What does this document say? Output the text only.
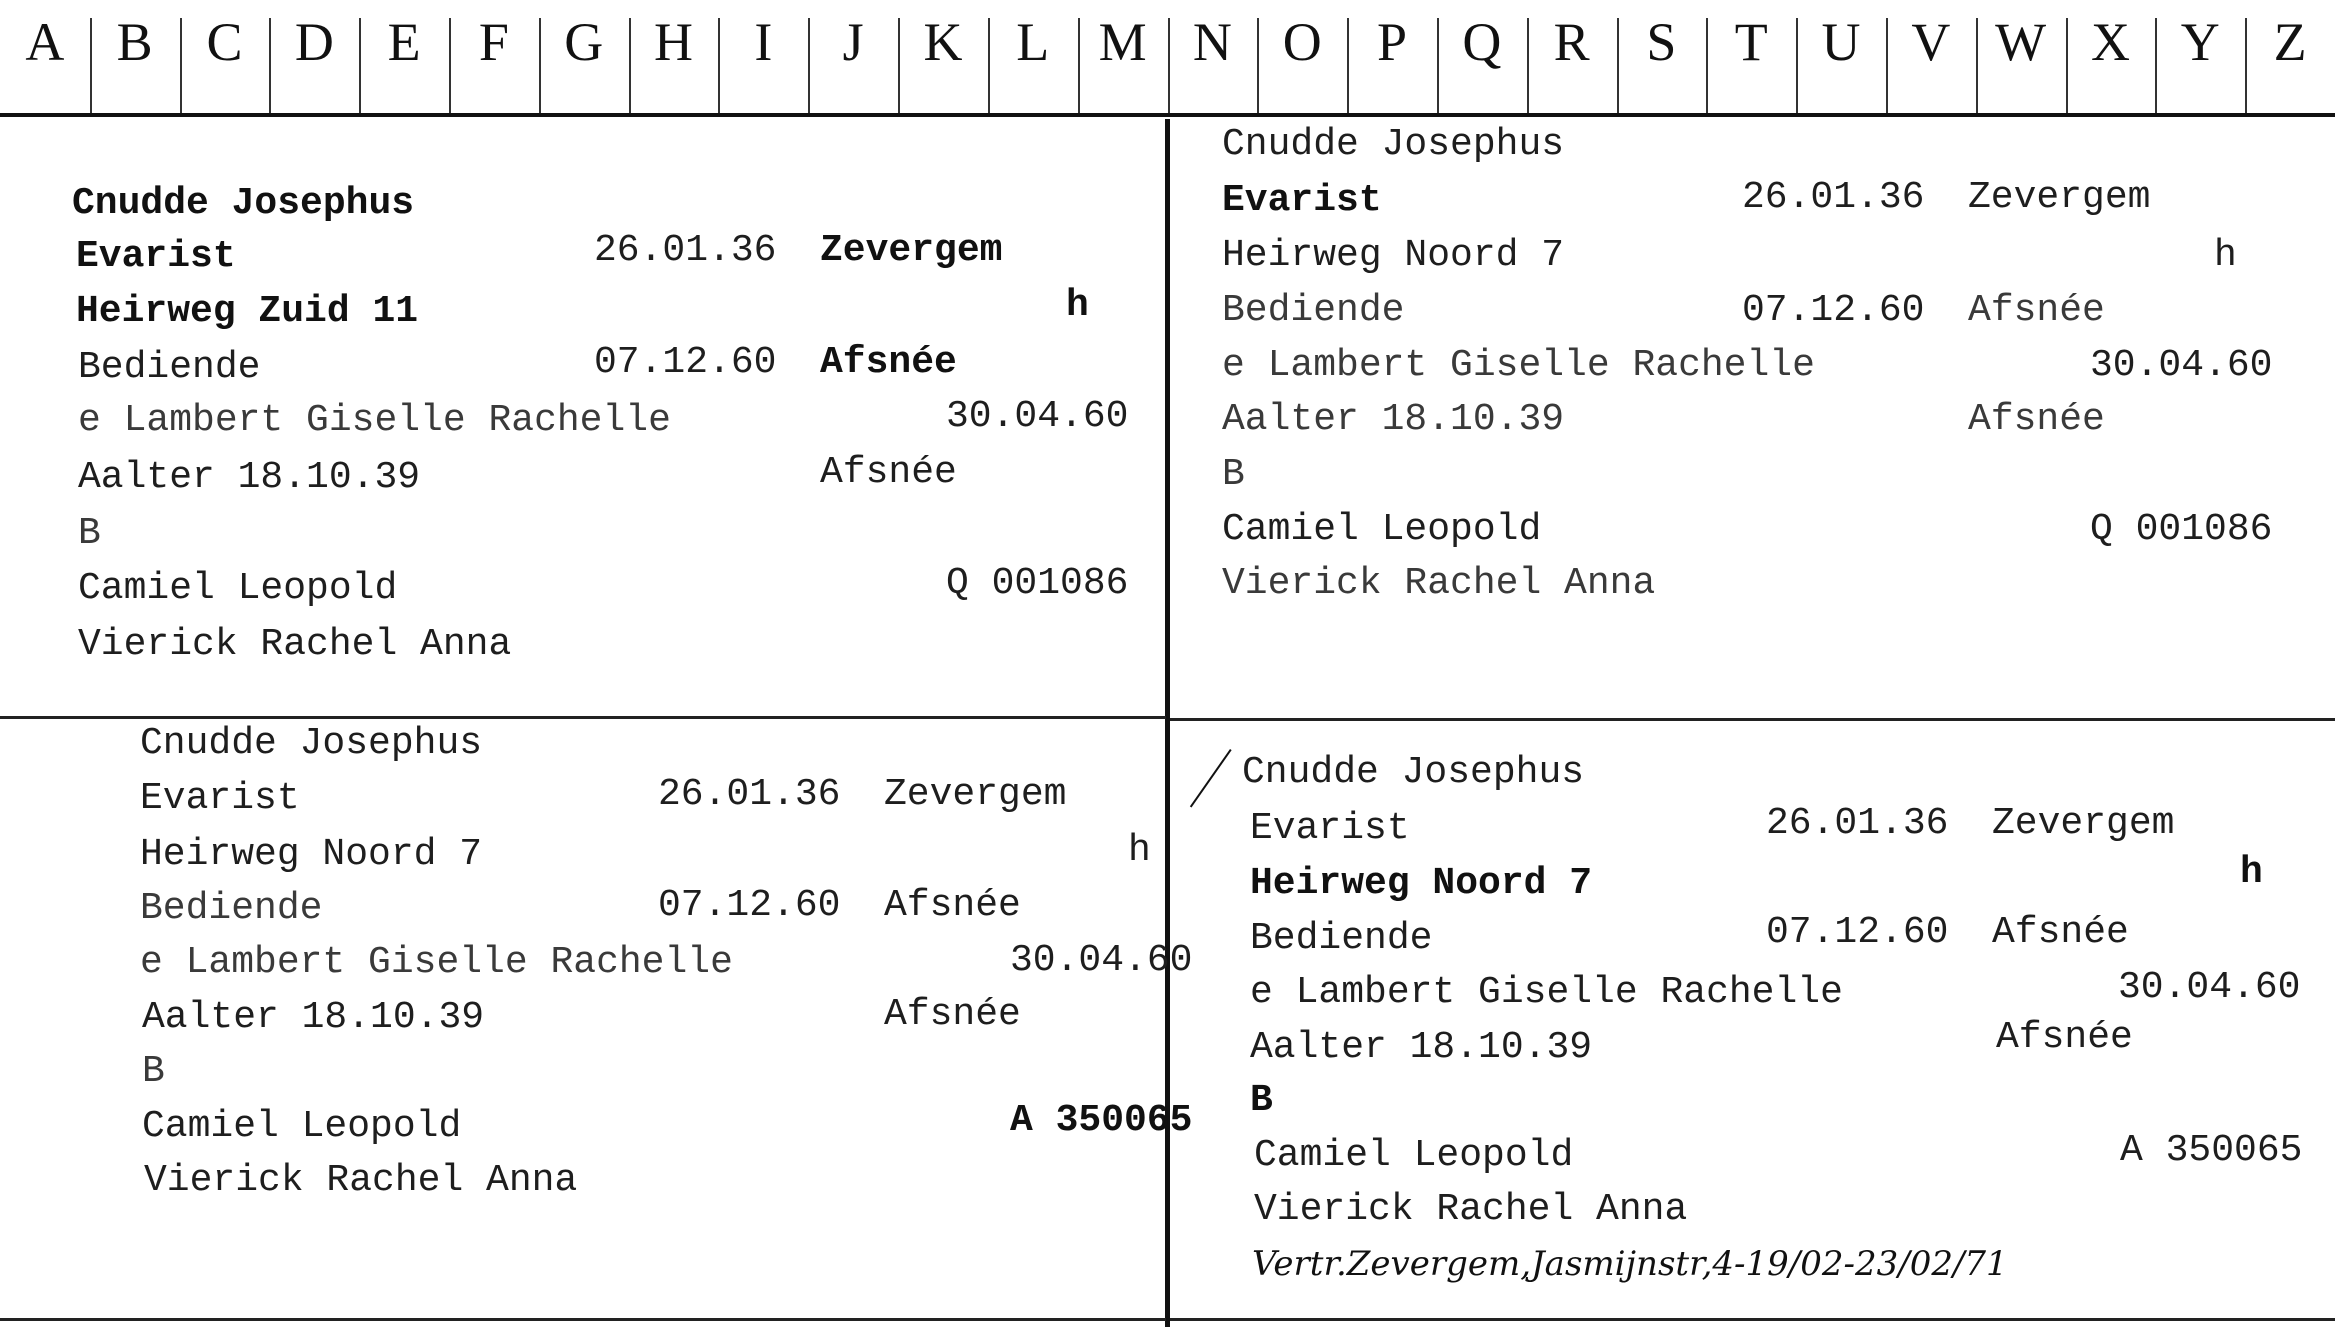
A B C D E	F	G H	I	J	K L M N O	P	Q R	S	T U V W X Y Z
Cnudde Josephus
Evarist	26.01.36 Zevergem
Heirweg Zuid 11	h
Bediende	07.12.60 Afsnée
e Lambert Giselle Rachelle	30.04.60
Aalter 18.10.39	Afsnée
B
Camiel Leopold	Q 001086
Vierick Rachel Anna
Cnudde Josephus
Evarist	26.01.36 Zevergem
Heirweg Noord 7	h
Bediende	07.12.60 Afsnée
e Lambert Giselle Rachelle	30.04.60
Aalter 18.10.39	Afsnée
B
Camiel Leopold	Q 001086
Vierick Rachel Anna
Cnudde Josephus
Evarist	26.01.36 Zevergem
Heirweg Noord 7	h
Bediende	07.12.60 Afsnée
e Lambert Giselle Rachelle	30.04.60
Aalter 18.10.39	Afsnée
B
Camiel Leopold	A 350065
Vierick Rachel Anna
Cnudde Josephus
Evarist	26.01.36 Zevergem
Heirweg Noord 7	h
Bediende	07.12.60 Afsnée
e Lambert Giselle Rachelle	30.04.60
Aalter 18.10.39	Afsnée
B
Camiel Leopold	A 350065
Vierick Rachel Anna
Vertr.Zevergem,Jasmijnstr,4-19/02-23/02/71
